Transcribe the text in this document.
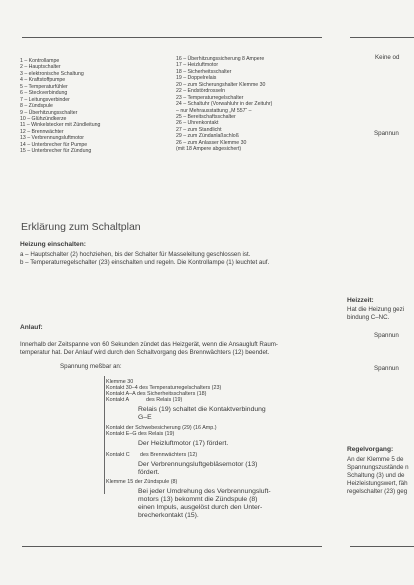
1 – Kontrollampe
2 – Hauptschalter
3 – elektronische Schaltung
4 – Kraftstoffpumpe
5 – Temperaturfühler
6 – Steckverbindung
7 – Leitungsverbinder
8 – Zündspule
9 – Überhitzungsschalter
10 – Glühzündkerze
11 – Winkelstecker mit Zündleitung
12 – Brennwächter
13 – Verbrennungsluftmotor
14 – Unterbrecher für Pumpe
15 – Unterbrecher für Zündung
16 – Überhitzungssicherung 8 Ampere
17 – Heizluftmotor
18 – Sicherheitsschalter
19 – Doppelrelais
20 – zum Sicherungshalter Klemme 30
22 – Endstördrosseln
23 – Temperaturregelschalter
24 – Schaltuhr (Vorwahluhr in der Zeituhr)
– nur Mehrausstattung „M 557“ –
25 – Bereitschaftsschalter
26 – Uhrenkontakt
27 – zum Standlicht
29 – zum Zündanlaßschloß
26 – zum Anlasser Klemme 30
(mit 18 Ampere abgesichert)
Erklärung zum Schaltplan
Heizung einschalten:
a – Hauptschalter (2) hochziehen, bis der Schalter für Masseleitung geschlossen ist.
b – Temperaturregelschalter (23) einschalten und regeln. Die Kontrollampe (1) leuchtet auf.
Anlauf:
Innerhalb der Zeitspanne von 60 Sekunden zündet das Heizgerät, wenn die Ansaugluft Raum-
temperatur hat. Der Anlauf wird durch den Schaltvorgang des Brennwächters (12) beendet.
Spannung meßbar an:
Klemme 30
Kontakt 30–4 des Temperaturregelschalters (23)
Kontakt A–A des Sicherheitsschalters (18)
Kontakt A	des Relais (19)
Relais (19) schaltet die Kontaktverbindung
G–E
Kontakt der Schwebesicherung (29) (16 Amp.)
Kontakt E–G des Relais (19)
Der Heizluftmotor (17) fördert.
Kontakt C des Brennwächters (12)
Der Verbrennungsluftgebläsemotor (13)
fördert.
Klemme 15 der Zündspule (8)
Bei jeder Umdrehung des Verbrennungsluft-
motors (13) bekommt die Zündspule (8)
einen Impuls, ausgelöst durch den Unter-
brecherkontakt (15).
Keine od
Spannun
Heizzeit:
Hat die Heizung gezi
bindung C–NC.
Spannun
Spannun
Regelvorgang:
An der Klemme 5 de
Spannungszustände n
Schaltung (3) und de
Heizleistungswert, fäh
regelschalter (23) geg
